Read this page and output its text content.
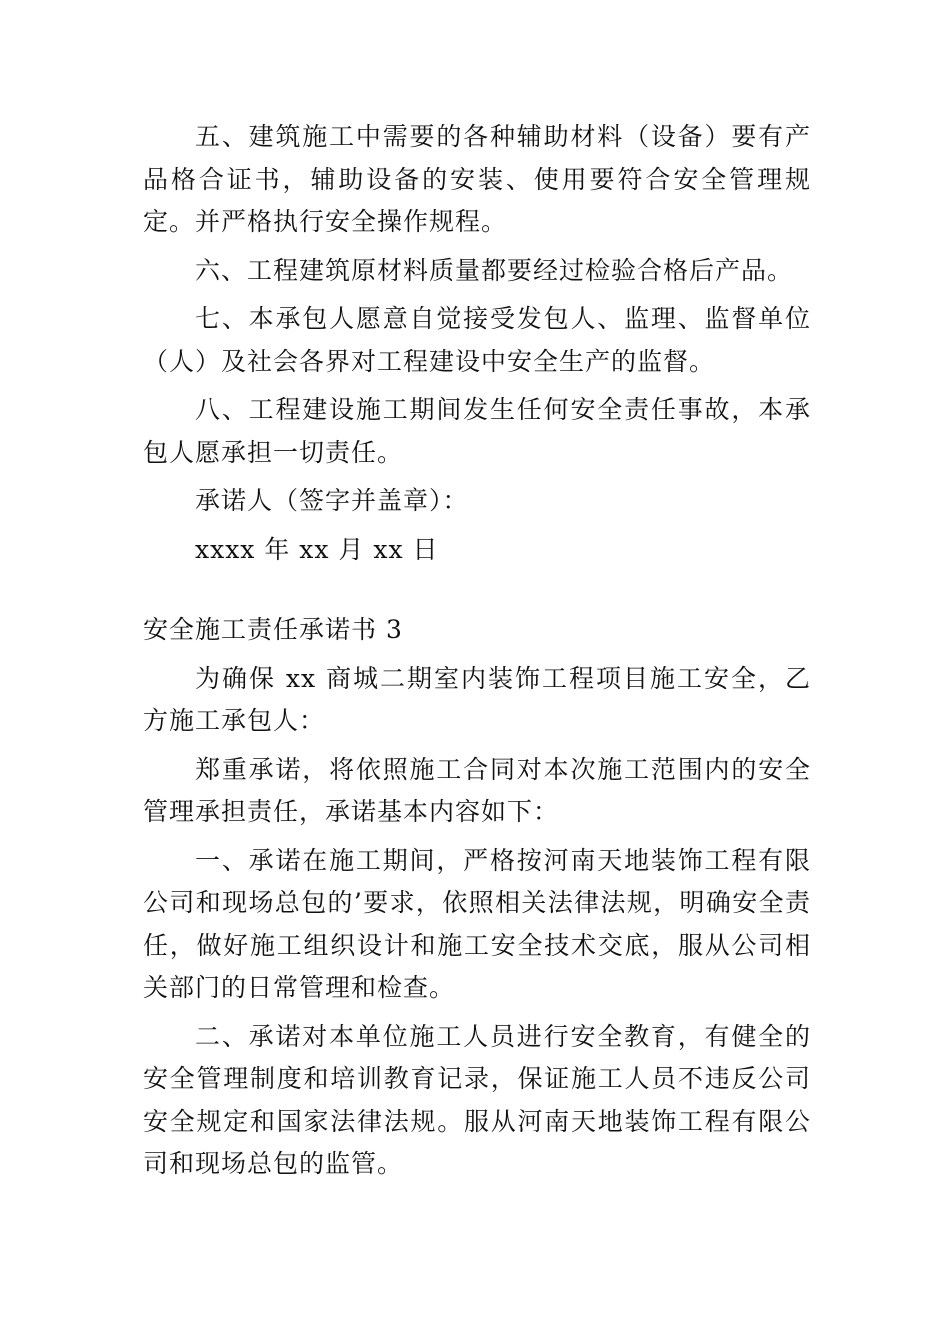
五、建筑施工中需要的各种辅助材料（设备）要有产品格合证书，辅助设备的安装、使用要符合安全管理规定。并严格执行安全操作规程。

六、工程建筑原材料质量都要经过检验合格后产品。

七、本承包人愿意自觉接受发包人、监理、监督单位（人）及社会各界对工程建设中安全生产的监督。

八、工程建设施工期间发生任何安全责任事故，本承包人愿承担一切责任。

承诺人（签字并盖章）：

xxxx 年 xx 月 xx 日

安全施工责任承诺书 3

为确保 xx 商城二期室内装饰工程项目施工安全，乙方施工承包人：

郑重承诺，将依照施工合同对本次施工范围内的安全管理承担责任，承诺基本内容如下：

一、承诺在施工期间，严格按河南天地装饰工程有限公司和现场总包的’要求，依照相关法律法规，明确安全责任，做好施工组织设计和施工安全技术交底，服从公司相关部门的日常管理和检查。

二、承诺对本单位施工人员进行安全教育，有健全的安全管理制度和培训教育记录，保证施工人员不违反公司安全规定和国家法律法规。服从河南天地装饰工程有限公司和现场总包的监管。
